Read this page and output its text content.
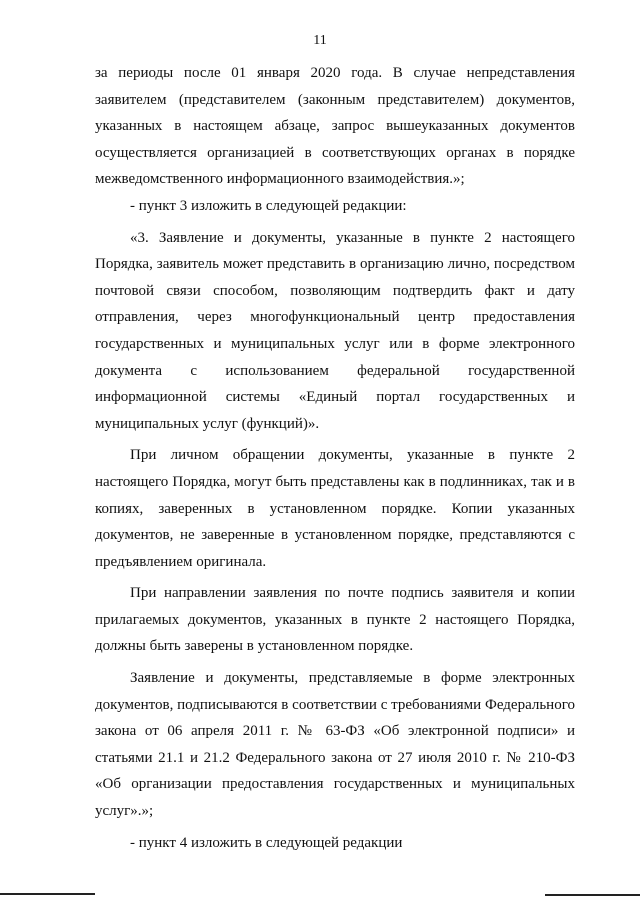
11

за периоды после 01 января 2020 года. В случае непредставления заявителем (представителем (законным представителем) документов, указанных в настоящем абзаце, запрос вышеуказанных документов осуществляется организацией в соответствующих органах в порядке межведомственного информационного взаимодействия.»;

- пункт 3 изложить в следующей редакции:

«3. Заявление и документы, указанные в пункте 2 настоящего Порядка, заявитель может представить в организацию лично, посредством почтовой связи способом, позволяющим подтвердить факт и дату отправления, через многофункциональный центр предоставления государственных и муниципальных услуг или в форме электронного документа с использованием федеральной государственной информационной системы «Единый портал государственных и муниципальных услуг (функций)».

При личном обращении документы, указанные в пункте 2 настоящего Порядка, могут быть представлены как в подлинниках, так и в копиях, заверенных в установленном порядке. Копии указанных документов, не заверенные в установленном порядке, представляются с предъявлением оригинала.

При направлении заявления по почте подпись заявителя и копии прилагаемых документов, указанных в пункте 2 настоящего Порядка, должны быть заверены в установленном порядке.

Заявление и документы, представляемые в форме электронных документов, подписываются в соответствии с требованиями Федерального закона от 06 апреля 2011 г. № 63-ФЗ «Об электронной подписи» и статьями 21.1 и 21.2 Федерального закона от 27 июля 2010 г. № 210-ФЗ «Об организации предоставления государственных и муниципальных услуг».»;

- пункт 4 изложить в следующей редакции
